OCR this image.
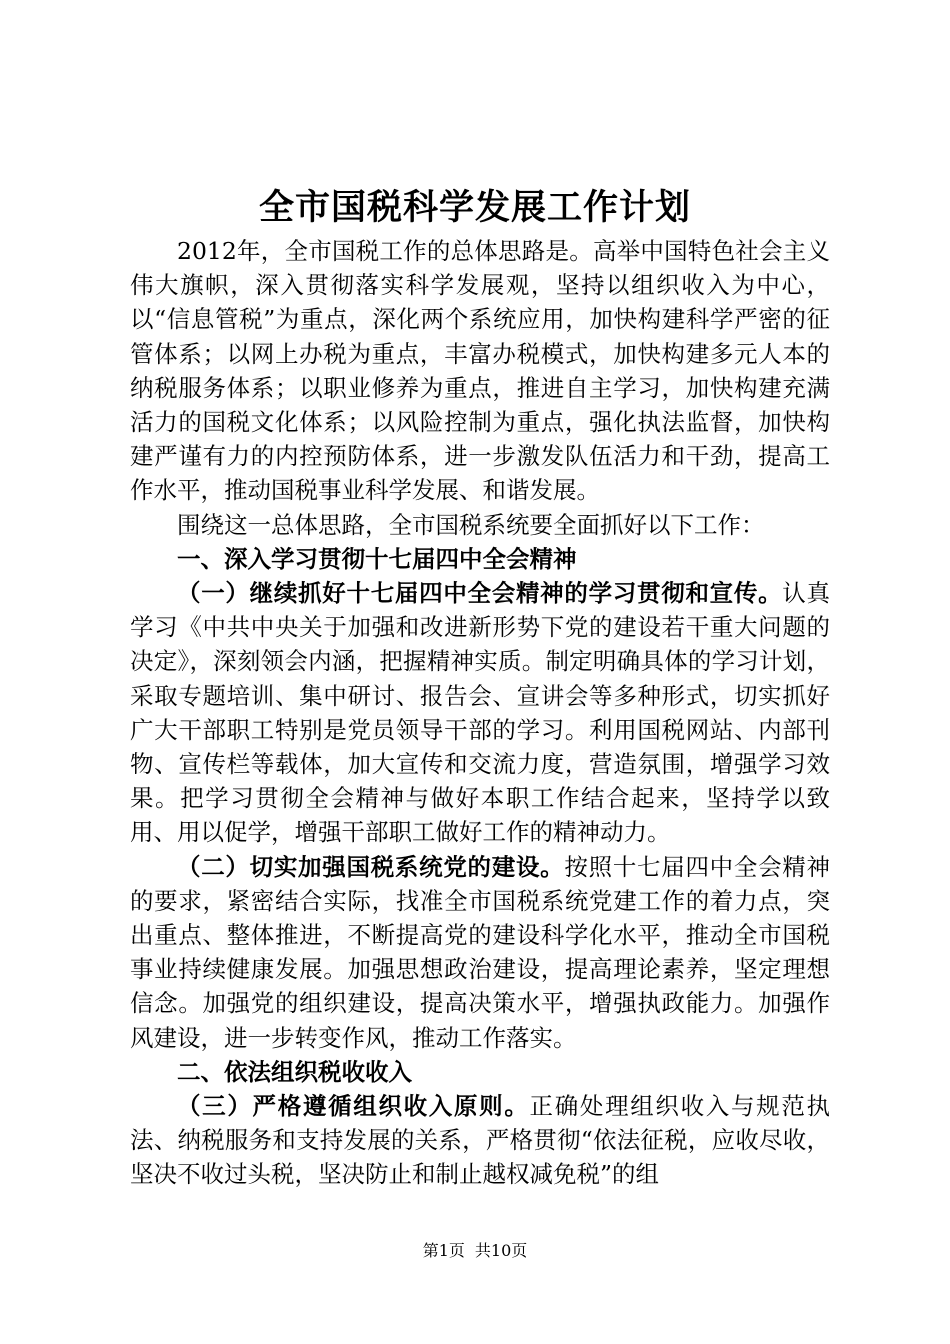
全市国税科学发展工作计划

2012年，全市国税工作的总体思路是。高举中国特色社会主义伟大旗帜，深入贯彻落实科学发展观，坚持以组织收入为中心，以“信息管税”为重点，深化两个系统应用，加快构建科学严密的征管体系；以网上办税为重点，丰富办税模式，加快构建多元人本的纳税服务体系；以职业修养为重点，推进自主学习，加快构建充满活力的国税文化体系；以风险控制为重点，强化执法监督，加快构建严谨有力的内控预防体系，进一步激发队伍活力和干劲，提高工作水平，推动国税事业科学发展、和谐发展。

围绕这一总体思路，全市国税系统要全面抓好以下工作：

一、深入学习贯彻十七届四中全会精神

（一）继续抓好十七届四中全会精神的学习贯彻和宣传。认真学习《中共中央关于加强和改进新形势下党的建设若干重大问题的决定》，深刻领会内涵，把握精神实质。制定明确具体的学习计划，采取专题培训、集中研讨、报告会、宣讲会等多种形式，切实抓好广大干部职工特别是党员领导干部的学习。利用国税网站、内部刊物、宣传栏等载体，加大宣传和交流力度，营造氛围，增强学习效果。把学习贯彻全会精神与做好本职工作结合起来，坚持学以致用、用以促学，增强干部职工做好工作的精神动力。

（二）切实加强国税系统党的建设。按照十七届四中全会精神的要求，紧密结合实际，找准全市国税系统党建工作的着力点，突出重点、整体推进，不断提高党的建设科学化水平，推动全市国税事业持续健康发展。加强思想政治建设，提高理论素养，坚定理想信念。加强党的组织建设，提高决策水平，增强执政能力。加强作风建设，进一步转变作风，推动工作落实。

二、依法组织税收收入

（三）严格遵循组织收入原则。正确处理组织收入与规范执法、纳税服务和支持发展的关系，严格贯彻“依法征税，应收尽收，坚决不收过头税，坚决防止和制止越权减免税”的组

第1页 共10页
